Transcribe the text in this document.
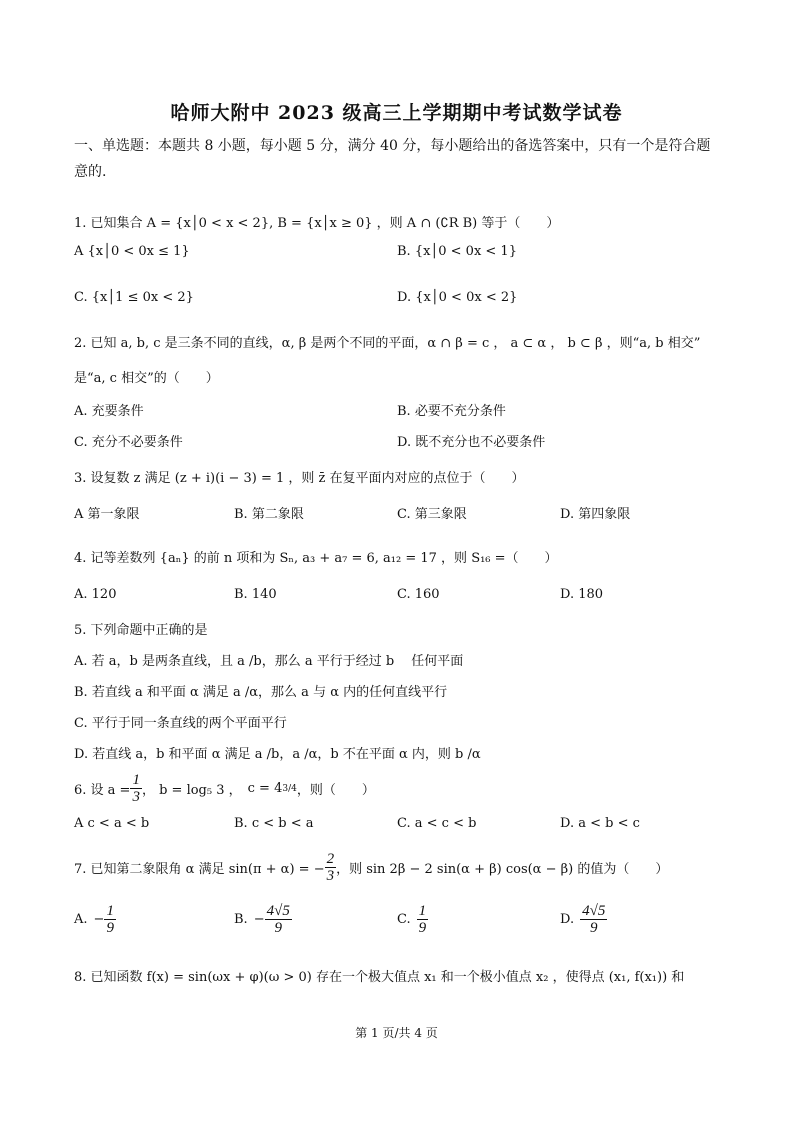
哈师大附中 2023 级高三上学期期中考试数学试卷
一、单选题：本题共 8 小题，每小题 5 分，满分 40 分，每小题给出的备选答案中，只有一个是符合题意的.
1. 已知集合 A = {x│0 < x < 2}, B = {x│x ≥ 0} ，则 A ∩ (∁R B) 等于（　　）
A {x│0 < 0x ≤ 1}	B. {x│0 < 0x < 1}
C. {x│1 ≤ 0x < 2}	D. {x│0 < 0x < 2}
2. 已知 a, b, c 是三条不同的直线，α, β 是两个不同的平面，α ∩ β = c ， a ⊂ α ， b ⊂ β ，则“a, b 相交”
是“a, c 相交”的（　　）
A. 充要条件	B. 必要不充分条件
C. 充分不必要条件	D. 既不充分也不必要条件
3. 设复数 z 满足 (z + i)(i − 3) = 1 ，则 z̄ 在复平面内对应的点位于（　　）
A 第一象限	B. 第二象限	C. 第三象限	D. 第四象限
4. 记等差数列 {aₙ} 的前 n 项和为 Sₙ, a₃ + a₇ = 6, a₁₂ = 17 ，则 S₁₆ =（　　）
A. 120	B. 140	C. 160	D. 180
5. 下列命题中正确的是
A. 若 a，b 是两条直线，且 a /b，那么 a 平行于经过 b 　任何平面
B. 若直线 a 和平面 α 满足 a /α，那么 a 与 α 内的任何直线平行
C. 平行于同一条直线的两个平面平行
D. 若直线 a，b 和平面 α 满足 a /b，a /α，b 不在平面 α 内，则 b /α
6. 设 $a = \frac{1}{3}$ ， b = log₅ 3 ， c = 4 3/4 ，则（　　）
A c < a < b	B. c < b < a	C. a < c < b	D. a < b < c
7. 已知第二象限角 α 满足 sin(π + α) = − $\frac{2}{3}$ ，则 sin 2β − 2 sin(α + β) cos(α − β) 的值为（　　）
A. − $\frac{1}{9}$	B. − $\frac{4√5}{9}$	C. $\frac{1}{9}$	D. $\frac{4√5}{9}$
8. 已知函数 f(x) = sin(ωx + φ)(ω > 0) 存在一个极大值点 x₁ 和一个极小值点 x₂ ，使得点 (x₁, f(x₁)) 和
第 1 页/共 4 页
